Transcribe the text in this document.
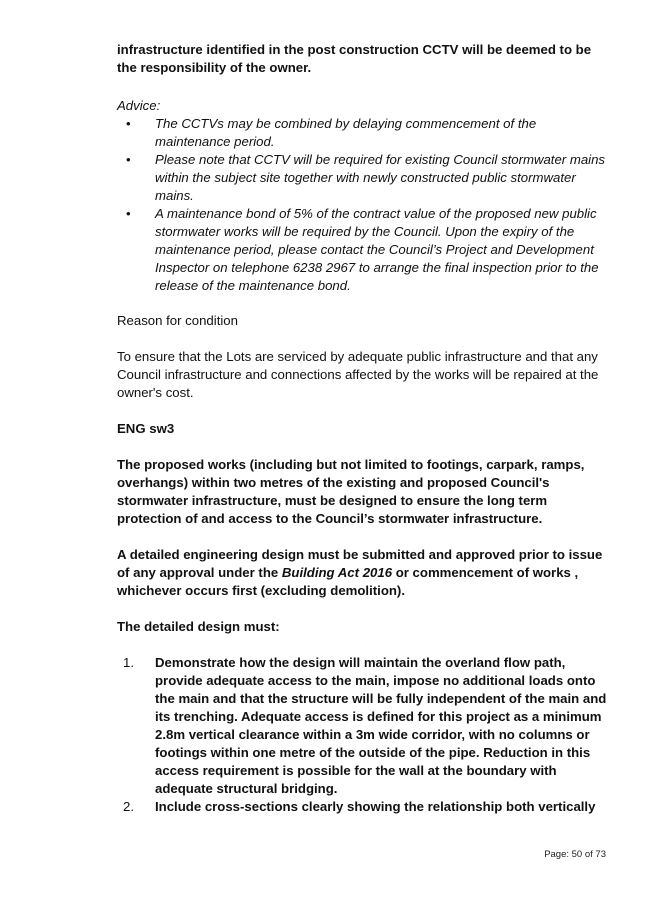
infrastructure identified in the post construction CCTV will be deemed to be the responsibility of the owner.

Advice:

• The CCTVs may be combined by delaying commencement of the maintenance period.
• Please note that CCTV will be required for existing Council stormwater mains within the subject site together with newly constructed public stormwater mains.
• A maintenance bond of 5% of the contract value of the proposed new public stormwater works will be required by the Council. Upon the expiry of the maintenance period, please contact the Council’s Project and Development Inspector on telephone 6238 2967 to arrange the final inspection prior to the release of the maintenance bond.

Reason for condition

To ensure that the Lots are serviced by adequate public infrastructure and that any Council infrastructure and connections affected by the works will be repaired at the owner's cost.

ENG sw3

The proposed works (including but not limited to footings, carpark, ramps, overhangs) within two metres of the existing and proposed Council's stormwater infrastructure, must be designed to ensure the long term protection of and access to the Council’s stormwater infrastructure.

A detailed engineering design must be submitted and approved prior to issue of any approval under the Building Act 2016 or commencement of works , whichever occurs first (excluding demolition).

The detailed design must:

1. Demonstrate how the design will maintain the overland flow path, provide adequate access to the main, impose no additional loads onto the main and that the structure will be fully independent of the main and its trenching. Adequate access is defined for this project as a minimum 2.8m vertical clearance within a 3m wide corridor, with no columns or footings within one metre of the outside of the pipe. Reduction in this access requirement is possible for the wall at the boundary with adequate structural bridging.
2. Include cross-sections clearly showing the relationship both vertically
Page: 50 of 73
